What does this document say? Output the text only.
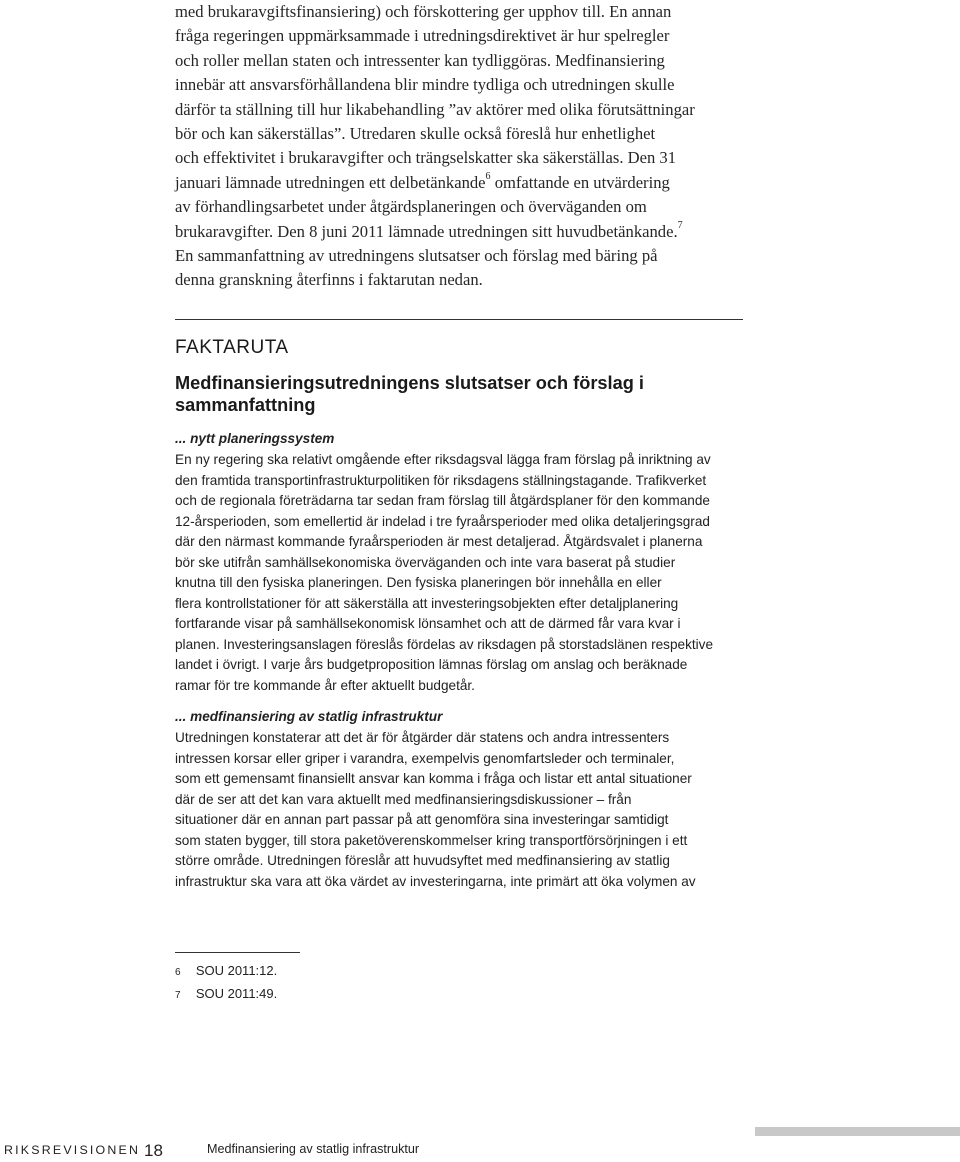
med brukaravgiftsfinansiering) och förskottering ger upphov till. En annan
fråga regeringen uppmärksammade i utredningsdirektivet är hur spelregler
och roller mellan staten och intressenter kan tydliggöras. Medfinansiering
innebär att ansvarsförhållandena blir mindre tydliga och utredningen skulle
därför ta ställning till hur likabehandling ”av aktörer med olika förutsättningar
bör och kan säkerställas”. Utredaren skulle också föreslå hur enhetlighet
och effektivitet i brukaravgifter och trängselskatter ska säkerställas. Den 31
januari lämnade utredningen ett delbetänkande$^6$ omfattande en utvärdering
av förhandlingsarbetet under åtgärdsplaneringen och överväganden om
brukaravgifter. Den 8 juni 2011 lämnade utredningen sitt huvudbetänkande.$^7$
En sammanfattning av utredningens slutsatser och förslag med bäring på
denna granskning återfinns i faktarutan nedan.
FAKTARUTA
Medfinansieringsutredningens slutsatser och förslag i sammanfattning
... nytt planeringssystem
En ny regering ska relativt omgående efter riksdagsval lägga fram förslag på inriktning av
den framtida transportinfrastrukturpolitiken för riksdagens ställningstagande. Trafikverket
och de regionala företrädarna tar sedan fram förslag till åtgärdsplaner för den kommande
12-årsperioden, som emellertid är indelad i tre fyraårsperioder med olika detaljeringsgrad
där den närmast kommande fyraårsperioden är mest detaljerad. Åtgärdsvalet i planerna
bör ske utifrån samhällsekonomiska överväganden och inte vara baserat på studier
knutna till den fysiska planeringen. Den fysiska planeringen bör innehålla en eller
flera kontrollstationer för att säkerställa att investeringsobjekten efter detaljplanering
fortfarande visar på samhällsekonomisk lönsamhet och att de därmed får vara kvar i
planen. Investeringsanslagen föreslås fördelas av riksdagen på storstadslänen respektive
landet i övrigt. I varje års budgetproposition lämnas förslag om anslag och beräknade
ramar för tre kommande år efter aktuellt budgetår.
... medfinansiering av statlig infrastruktur
Utredningen konstaterar att det är för åtgärder där statens och andra intressenters
intressen korsar eller griper i varandra, exempelvis genomfartsleder och terminaler,
som ett gemensamt finansiellt ansvar kan komma i fråga och listar ett antal situationer
där de ser att det kan vara aktuellt med medfinansieringsdiskussioner – från
situationer där en annan part passar på att genomföra sina investeringar samtidigt
som staten bygger, till stora paketöverenskommelser kring transportförsörjningen i ett
större område. Utredningen föreslår att huvudsyftet med medfinansiering av statlig
infrastruktur ska vara att öka värdet av investeringarna, inte primärt att öka volymen av
6 SOU 2011:12.
7 SOU 2011:49.
RIKSREVISIONEN 18	Medfinansiering av statlig infrastruktur
